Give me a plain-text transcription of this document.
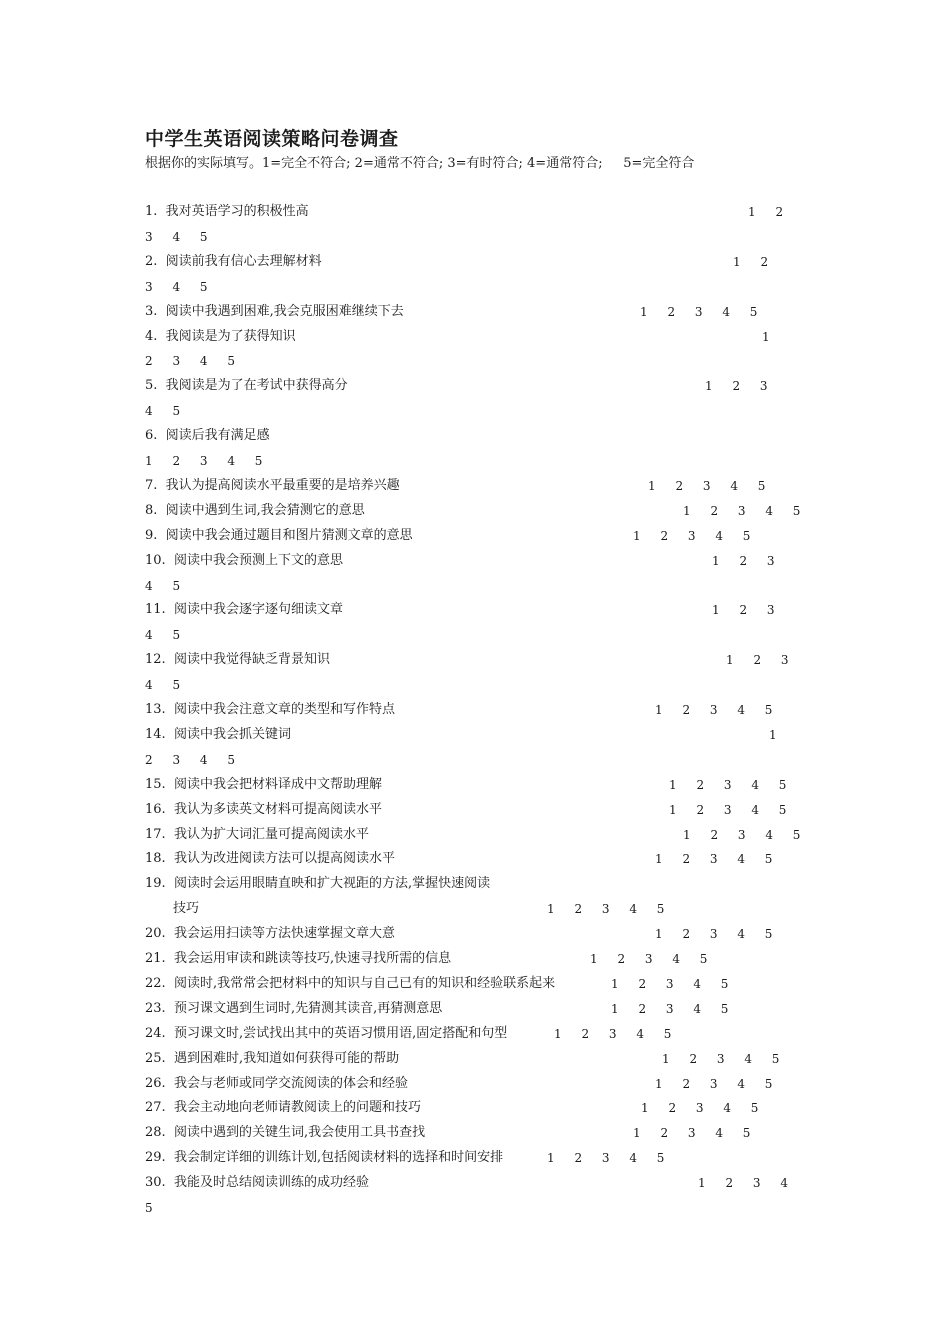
中学生英语阅读策略问卷调查
根据你的实际填写。1=完全不符合; 2=通常不符合; 3=有时符合; 4=通常符合;     5=完全符合
1.  我对英语学习的积极性高	1 2
3 4 5
2.  阅读前我有信心去理解材料	1 2
3 4 5
3.  阅读中我遇到困难,我会克服困难继续下去	1 2 3 4 5
4.  我阅读是为了获得知识	1
2 3 4 5
5.  我阅读是为了在考试中获得高分	1 2 3
4 5
6.  阅读后我有满足感
1 2 3 4 5
7.  我认为提高阅读水平最重要的是培养兴趣	1 2 3 4 5
8.  阅读中遇到生词,我会猜测它的意思	1 2 3 4 5
9.  阅读中我会通过题目和图片猜测文章的意思	1 2 3 4 5
10.  阅读中我会预测上下文的意思	1 2 3
4 5
11.  阅读中我会逐字逐句细读文章	1 2 3
4 5
12.  阅读中我觉得缺乏背景知识	1 2 3
4 5
13.  阅读中我会注意文章的类型和写作特点	1 2 3 4 5
14.  阅读中我会抓关键词	1
2 3 4 5
15.  阅读中我会把材料译成中文帮助理解	1 2 3 4 5
16.  我认为多读英文材料可提高阅读水平	1 2 3 4 5
17.  我认为扩大词汇量可提高阅读水平	1 2 3 4 5
18.  我认为改进阅读方法可以提高阅读水平	1 2 3 4 5
19.  阅读时会运用眼睛直映和扩大视距的方法,掌握快速阅读
技巧	1 2 3 4 5
20.  我会运用扫读等方法快速掌握文章大意	1 2 3 4 5
21.  我会运用审读和跳读等技巧,快速寻找所需的信息	1 2 3 4 5
22.  阅读时,我常常会把材料中的知识与自己已有的知识和经验联系起来	1 2 3 4 5
23.  预习课文遇到生词时,先猜测其读音,再猜测意思	1 2 3 4 5
24.  预习课文时,尝试找出其中的英语习惯用语,固定搭配和句型	1 2 3 4 5
25.  遇到困难时,我知道如何获得可能的帮助	1 2 3 4 5
26.  我会与老师或同学交流阅读的体会和经验	1 2 3 4 5
27.  我会主动地向老师请教阅读上的问题和技巧	1 2 3 4 5
28.  阅读中遇到的关键生词,我会使用工具书查找	1 2 3 4 5
29.  我会制定详细的训练计划,包括阅读材料的选择和时间安排	1 2 3 4 5
30.  我能及时总结阅读训练的成功经验	1 2 3 4
5
